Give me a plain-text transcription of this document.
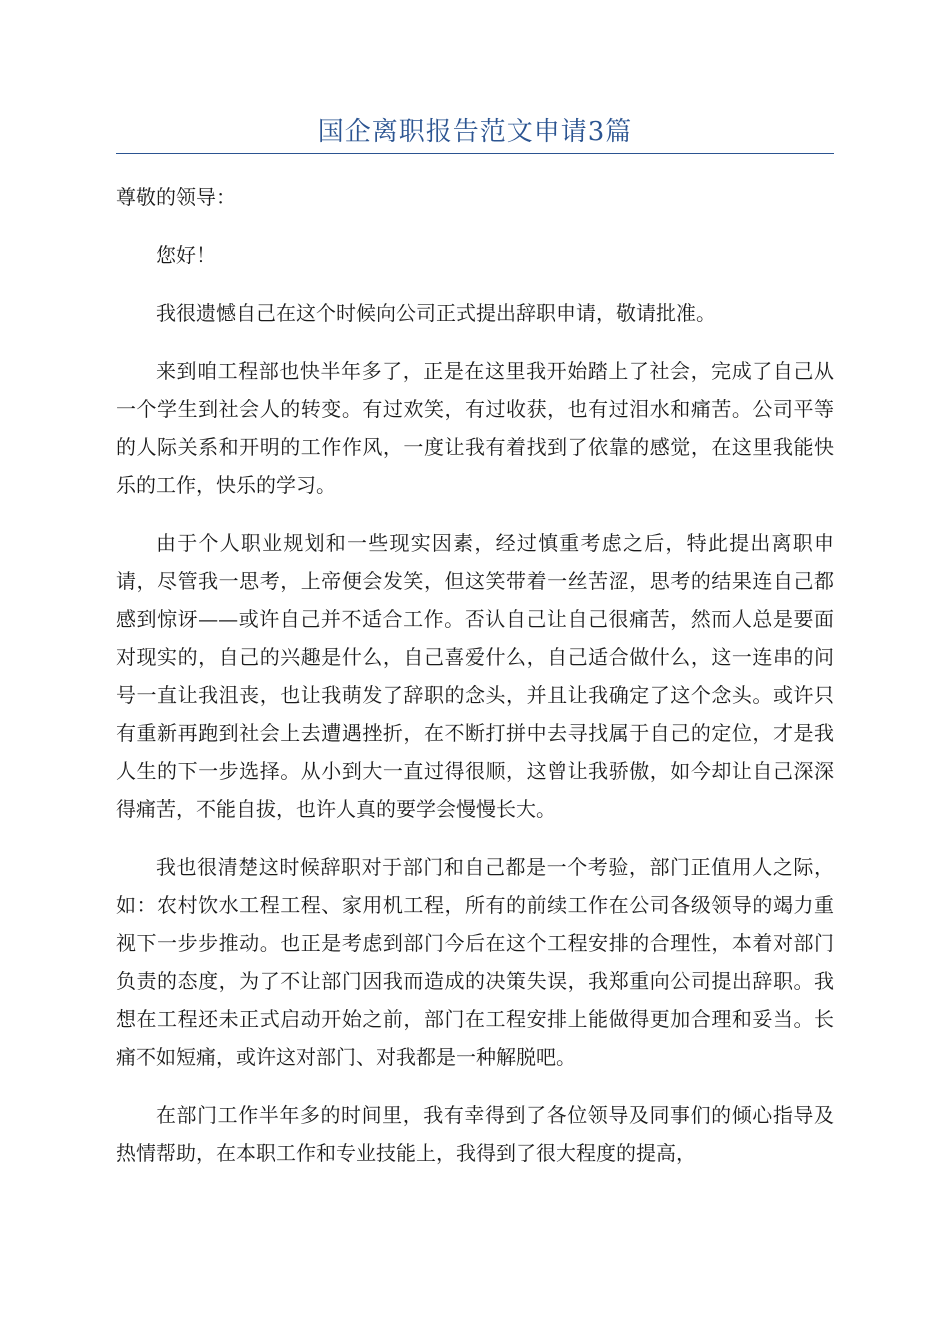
国企离职报告范文申请3篇

尊敬的领导：

您好！

我很遗憾自己在这个时候向公司正式提出辞职申请，敬请批准。

来到咱工程部也快半年多了，正是在这里我开始踏上了社会，完成了自己从一个学生到社会人的转变。有过欢笑，有过收获，也有过泪水和痛苦。公司平等的人际关系和开明的工作作风，一度让我有着找到了依靠的感觉，在这里我能快乐的工作，快乐的学习。

由于个人职业规划和一些现实因素，经过慎重考虑之后，特此提出离职申请，尽管我一思考，上帝便会发笑，但这笑带着一丝苦涩，思考的结果连自己都感到惊讶——或许自己并不适合工作。否认自己让自己很痛苦，然而人总是要面对现实的，自己的兴趣是什么，自己喜爱什么，自己适合做什么，这一连串的问号一直让我沮丧，也让我萌发了辞职的念头，并且让我确定了这个念头。或许只有重新再跑到社会上去遭遇挫折，在不断打拼中去寻找属于自己的定位，才是我人生的下一步选择。从小到大一直过得很顺，这曾让我骄傲，如今却让自己深深得痛苦，不能自拔，也许人真的要学会慢慢长大。

我也很清楚这时候辞职对于部门和自己都是一个考验，部门正值用人之际，如：农村饮水工程工程、家用机工程，所有的前续工作在公司各级领导的竭力重视下一步步推动。也正是考虑到部门今后在这个工程安排的合理性，本着对部门负责的态度，为了不让部门因我而造成的决策失误，我郑重向公司提出辞职。我想在工程还未正式启动开始之前，部门在工程安排上能做得更加合理和妥当。长痛不如短痛，或许这对部门、对我都是一种解脱吧。

在部门工作半年多的时间里，我有幸得到了各位领导及同事们的倾心指导及热情帮助，在本职工作和专业技能上，我得到了很大程度的提高，
